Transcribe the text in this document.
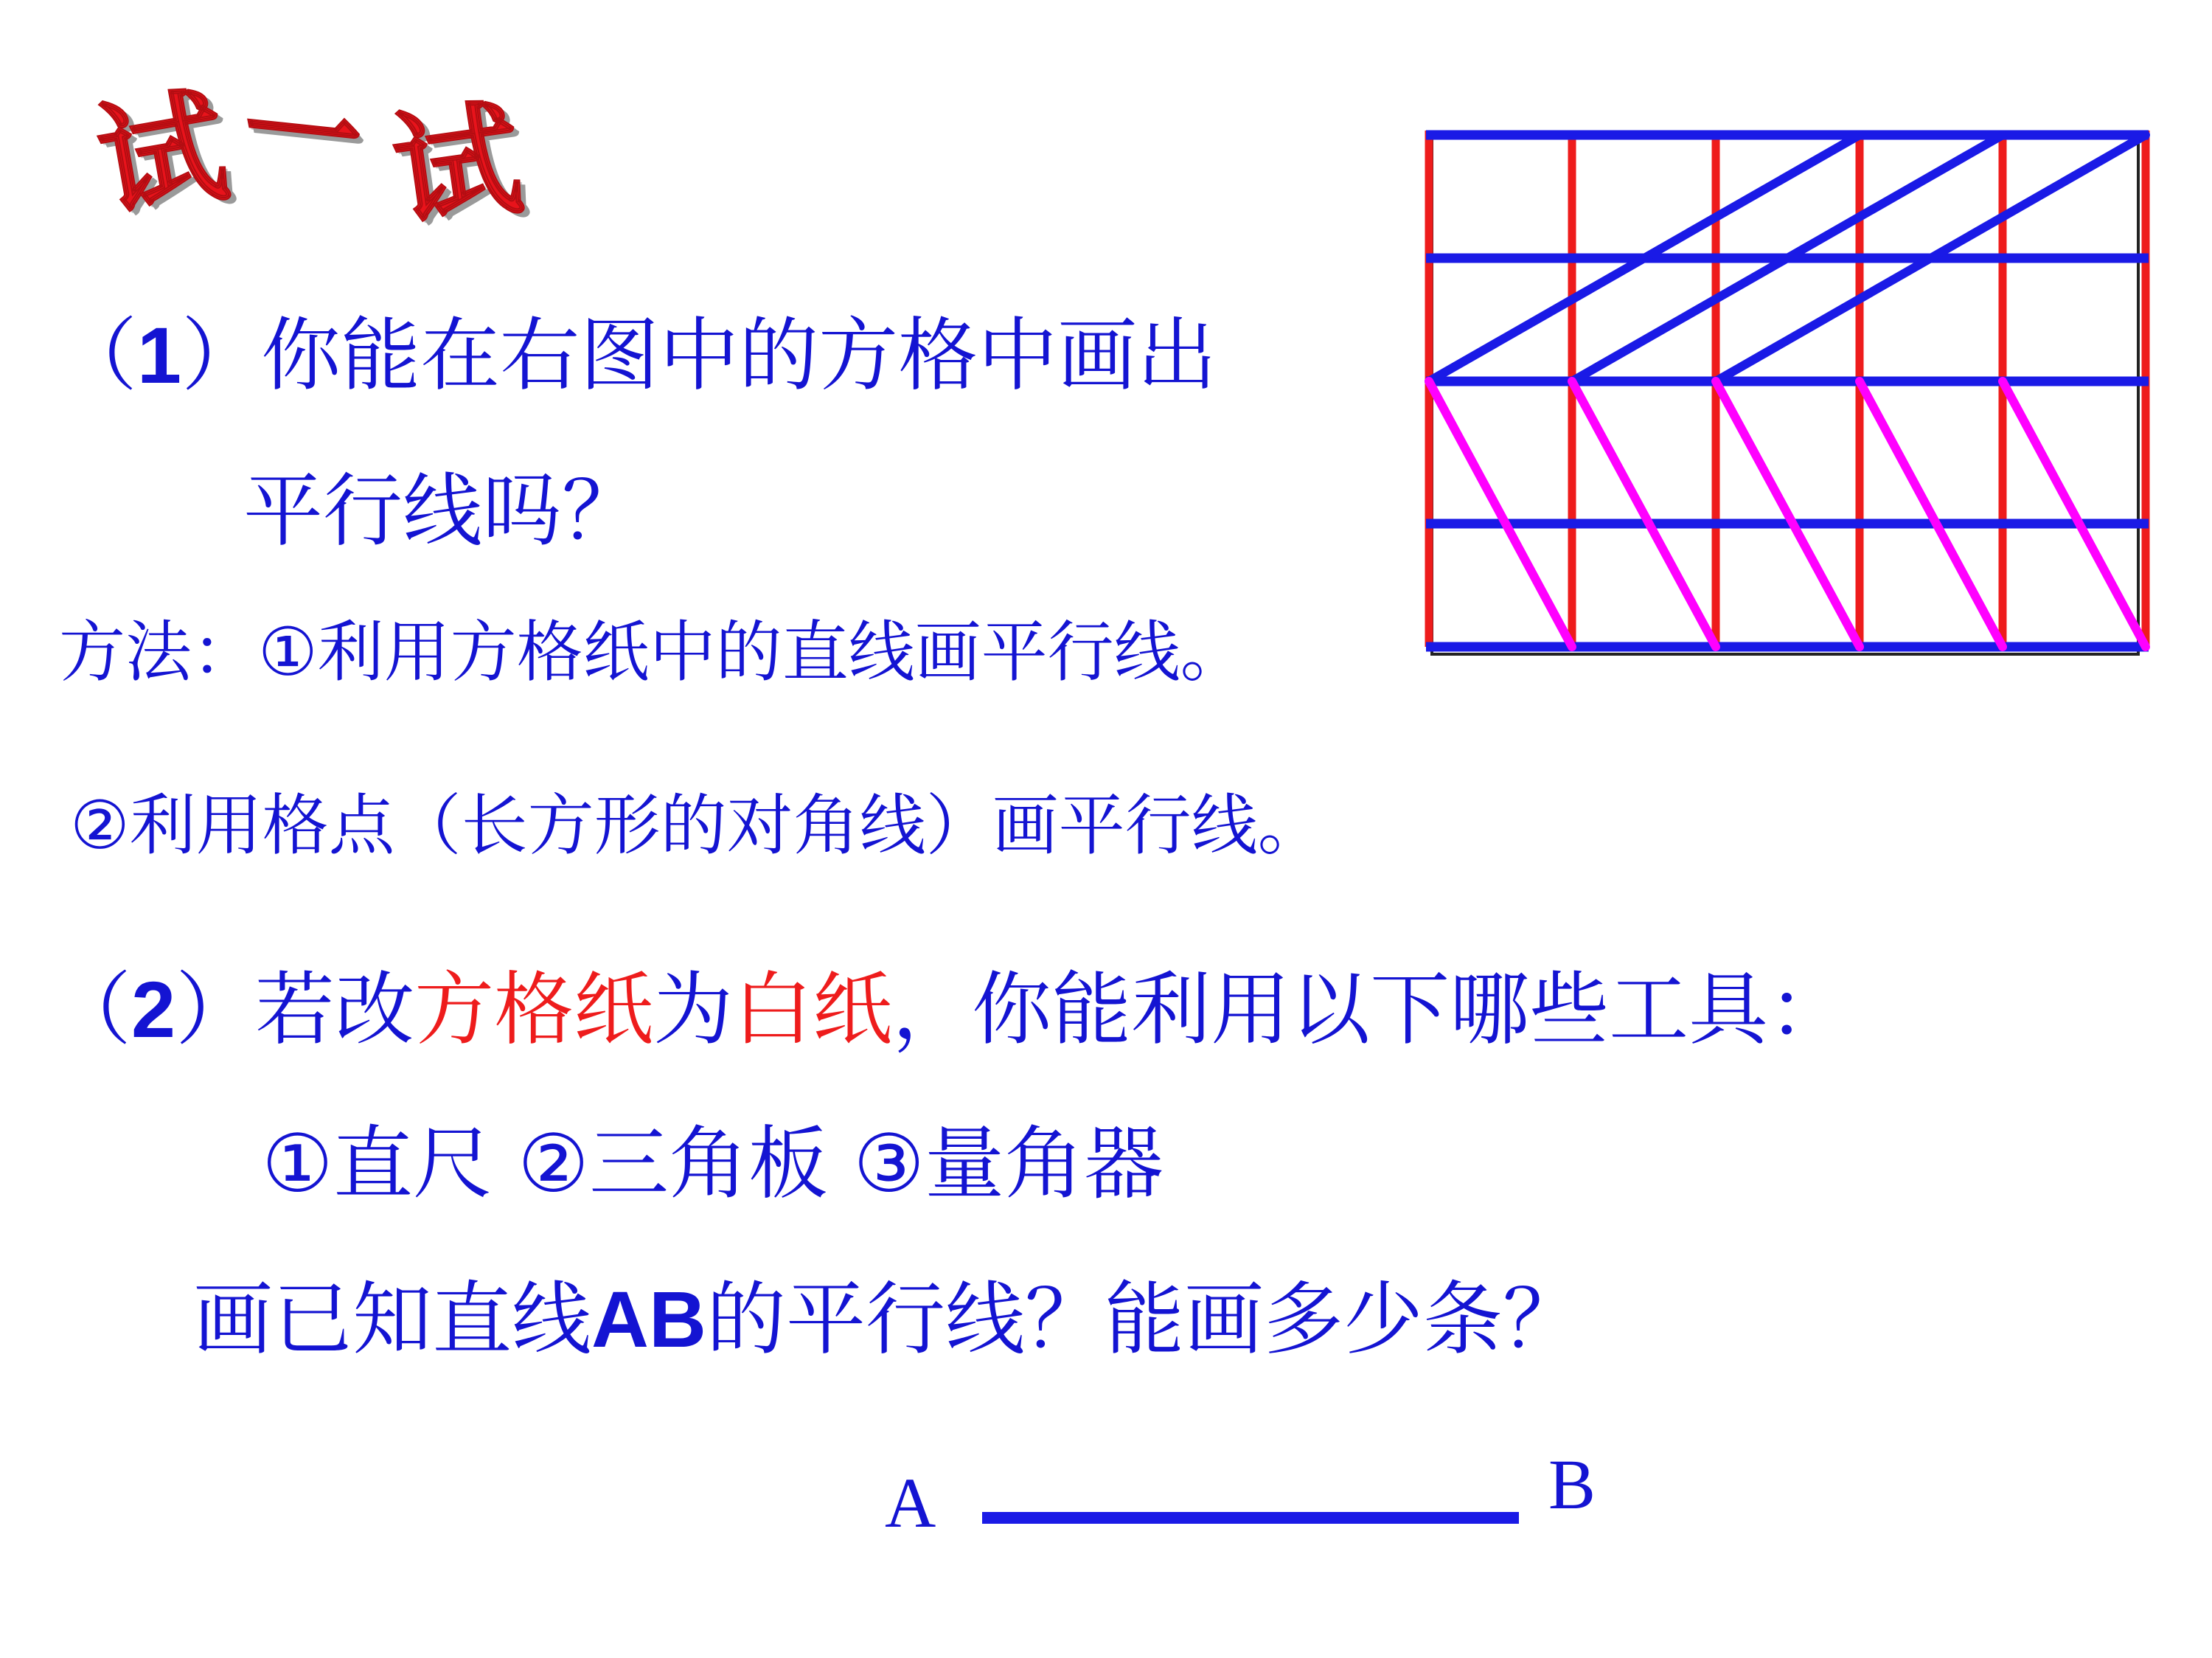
试 一 试
（1）你能在右图中的方格中画出
平行线吗？
方法：①利用方格纸中的直线画平行线。
②利用格点（长方形的对角线）画平行线。
（2）若改方格纸为白纸，你能利用以下哪些工具：
①直尺 ②三角板 ③量角器
画已知直线AB的平行线？能画多少条？
A	B
